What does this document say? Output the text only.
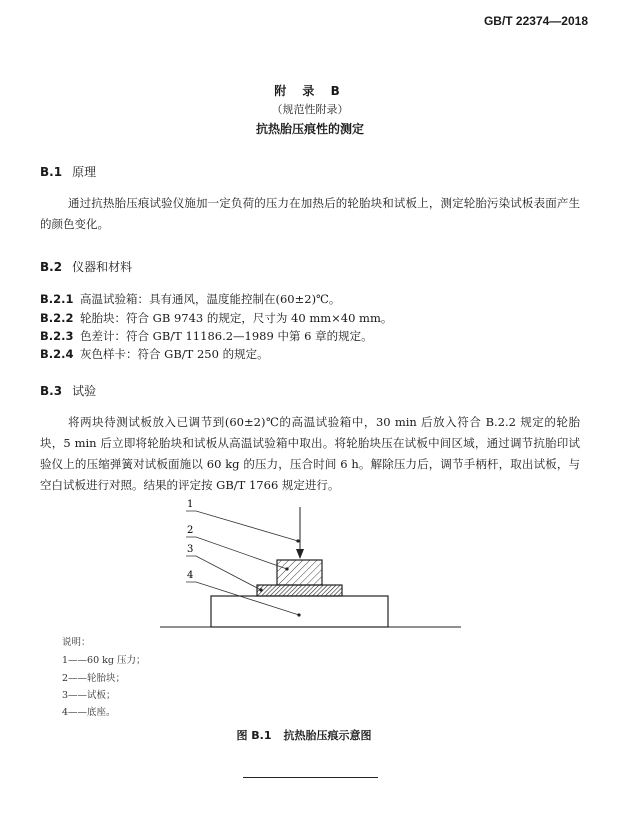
GB/T 22374—2018
附 录 B
（规范性附录）
抗热胎压痕性的测定
B.1 原理

通过抗热胎压痕试验仪施加一定负荷的压力在加热后的轮胎块和试板上，测定轮胎污染试板表面产生的颜色变化。

B.2 仪器和材料
B.2.1 高温试验箱：具有通风，温度能控制在(60±2)℃。
B.2.2 轮胎块：符合 GB 9743 的规定，尺寸为 40 mm×40 mm。
B.2.3 色差计：符合 GB/T 11186.2—1989 中第 6 章的规定。
B.2.4 灰色样卡：符合 GB/T 250 的规定。
B.3 试验

将两块待测试板放入已调节到(60±2)℃的高温试验箱中，30 min 后放入符合 B.2.2 规定的轮胎块，5 min 后立即将轮胎块和试板从高温试验箱中取出。将轮胎块压在试板中间区域，通过调节抗胎印试验仪上的压缩弹簧对试板面施以 60 kg 的压力，压合时间 6 h。解除压力后，调节手柄杆，取出试板，与空白试板进行对照。结果的评定按 GB/T 1766 规定进行。

1
2
3
4
说明：
1——60 kg 压力；
2——轮胎块；
3——试板；
4——底座。
图 B.1 抗热胎压痕示意图
